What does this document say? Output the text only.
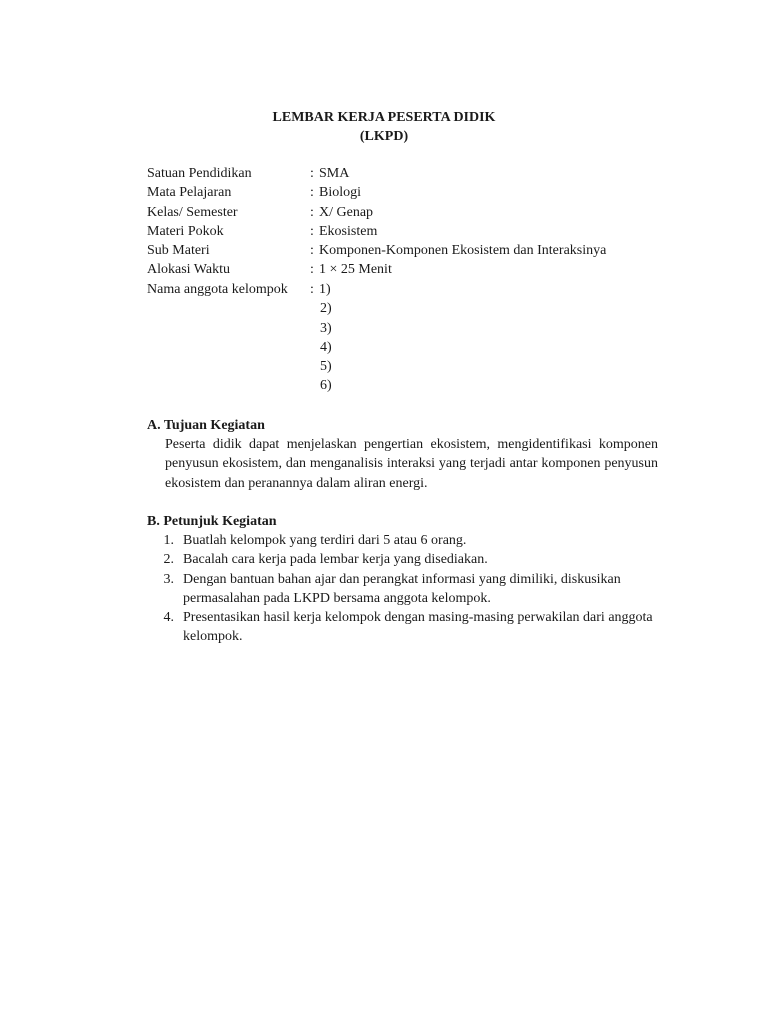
LEMBAR KERJA PESERTA DIDIK
(LKPD)
Satuan Pendidikan	: SMA
Mata Pelajaran	: Biologi
Kelas/ Semester	: X/ Genap
Materi Pokok	: Ekosistem
Sub Materi	: Komponen-Komponen Ekosistem dan Interaksinya
Alokasi Waktu	: 1 × 25 Menit
Nama anggota kelompok	: 1)
2)
3)
4)
5)
6)
A. Tujuan Kegiatan

Peserta didik dapat menjelaskan pengertian ekosistem, mengidentifikasi komponen penyusun ekosistem, dan menganalisis interaksi yang terjadi antar komponen penyusun ekosistem dan peranannya dalam aliran energi.

B. Petunjuk Kegiatan
1. Buatlah kelompok yang terdiri dari 5 atau 6 orang.
2. Bacalah cara kerja pada lembar kerja yang disediakan.
3. Dengan bantuan bahan ajar dan perangkat informasi yang dimiliki, diskusikan permasalahan pada LKPD bersama anggota kelompok.
4. Presentasikan hasil kerja kelompok dengan masing-masing perwakilan dari anggota kelompok.
